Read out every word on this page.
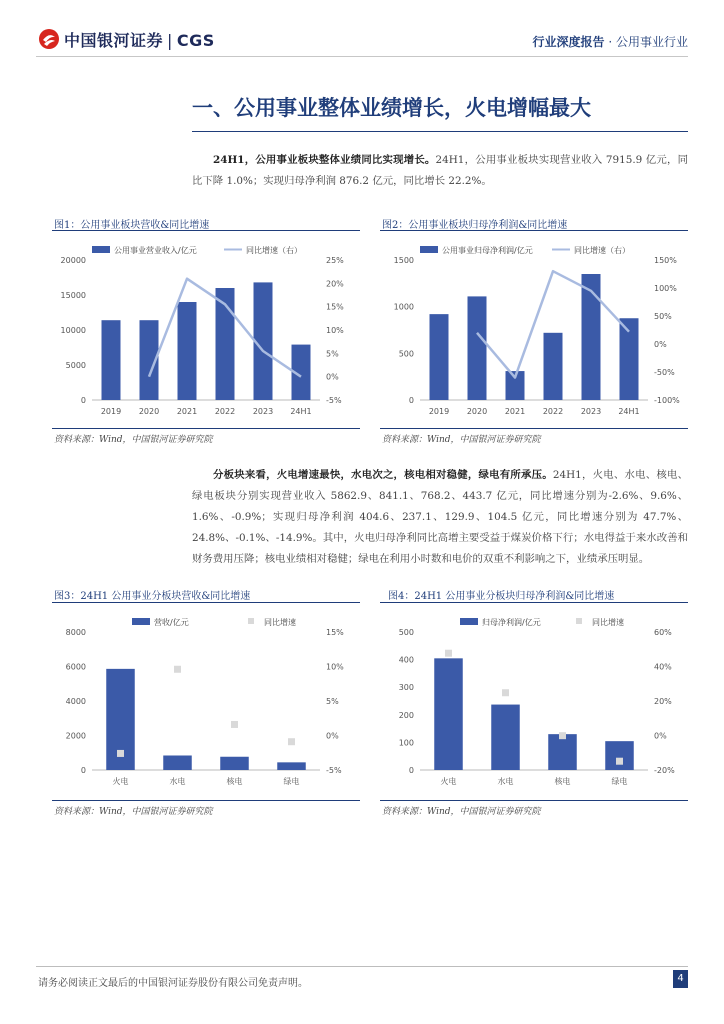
中国银河证券 | CGS	行业深度报告 · 公用事业行业
一、公用事业整体业绩增长，火电增幅最大
24H1，公用事业板块整体业绩同比实现增长。24H1，公用事业板块实现营业收入 7915.9 亿元，同比下降 1.0%；实现归母净利润 876.2 亿元，同比增长 22.2%。
图1：公用事业板块营收&同比增速
资料来源：Wind，中国银河证券研究院
图2：公用事业板块归母净利润&同比增速
资料来源：Wind，中国银河证券研究院
分板块来看，火电增速最快，水电次之，核电相对稳健，绿电有所承压。24H1，火电、水电、核电、绿电板块分别实现营业收入 5862.9、841.1、768.2、443.7 亿元，同比增速分别为-2.6%、9.6%、1.6%、-0.9%；实现归母净利润 404.6、237.1、129.9、104.5 亿元，同比增速分别为 47.7%、24.8%、-0.1%、-14.9%。其中，火电归母净利同比高增主要受益于煤炭价格下行；水电得益于来水改善和财务费用压降；核电业绩相对稳健；绿电在利用小时数和电价的双重不利影响之下，业绩承压明显。
图3：24H1 公用事业分板块营收&同比增速
资料来源：Wind，中国银河证券研究院
图4：24H1 公用事业分板块归母净利润&同比增速
资料来源：Wind，中国银河证券研究院
公用事业营业收入/亿元	同比增速（右）
20000
15000
10000
5000
0
25%
20%
15%
10%
5%
0%
-5%
2019 2020 2021 2022 2023 24H1
公用事业归母净利润/亿元	同比增速（右）
1500
1000
500
0
150%
100%
50%
0%
-50%
-100%
2019 2020 2021 2022 2023 24H1
营收/亿元	同比增速
8000
6000
4000
2000
0
15%
10%
5%
0%
-5%
火电	水电	核电	绿电
归母净利润/亿元	同比增速
500
400
300
200
100
0
60%
40%
20%
0%
-20%
火电	水电	核电	绿电
请务必阅读正文最后的中国银河证券股份有限公司免责声明。	4
